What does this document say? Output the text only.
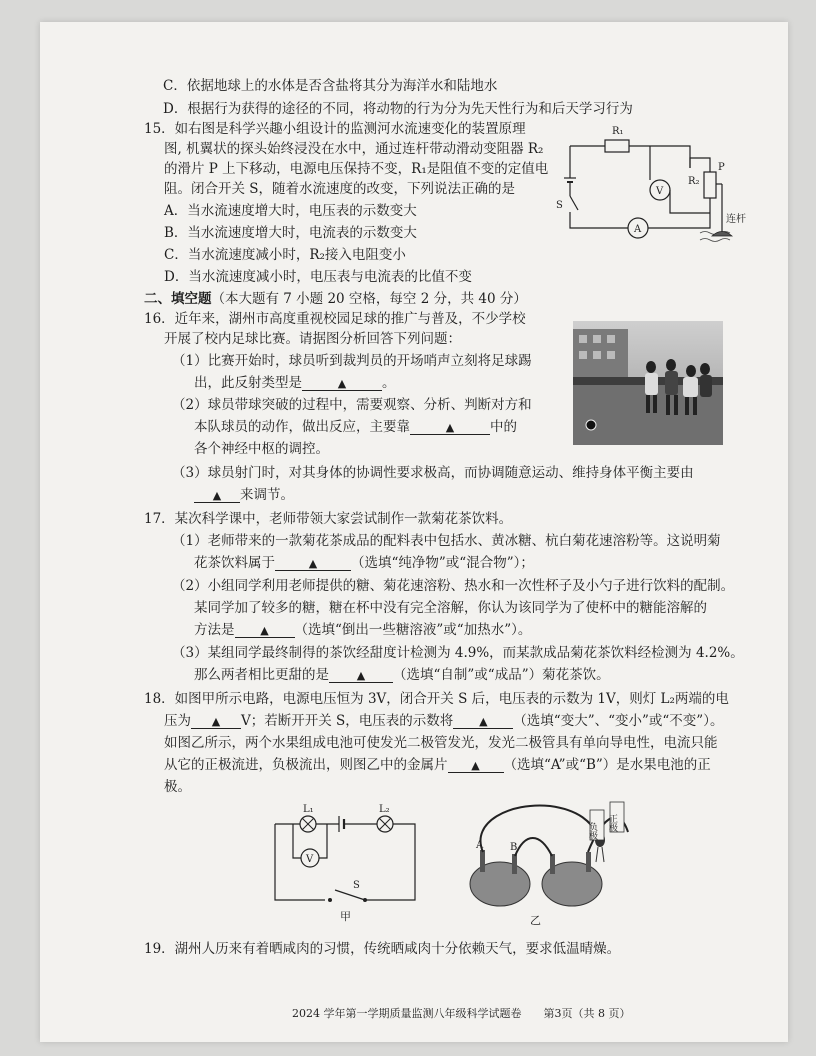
C．依据地球上的水体是否含盐将其分为海洋水和陆地水
D．根据行为获得的途径的不同，将动物的行为分为先天性行为和后天学习行为
15．如右图是科学兴趣小组设计的监测河水流速变化的装置原理
图, 机翼状的探头始终浸没在水中，通过连杆带动滑动变阻器 R₂
的滑片 P 上下移动，电源电压保持不变，R₁是阻值不变的定值电
阻。闭合开关 S，随着水流速度的改变，下列说法正确的是
A．当水流速度增大时，电压表的示数变大
B．当水流速度增大时，电流表的示数变大
C．当水流速度减小时，R₂接入电阻变小
D．当水流速度减小时，电压表与电流表的比值不变
R₁
R₂
P
S
V
A
连杆
二、填空题（本大题有 7 小题 20 空格，每空 2 分，共 40 分）
16．近年来，湖州市高度重视校园足球的推广与普及，不少学校
开展了校内足球比赛。请据图分析回答下列问题：
（1）比赛开始时，球员听到裁判员的开场哨声立刻将足球踢
出，此反射类型是	▲	。
（2）球员带球突破的过程中，需要观察、分析、判断对方和
本队球员的动作，做出反应，主要靠	▲	中的
各个神经中枢的调控。
（3）球员射门时，对其身体的协调性要求极高，而协调随意运动、维持身体平衡主要由
▲ 来调节。
17．某次科学课中，老师带领大家尝试制作一款菊花茶饮料。
（1）老师带来的一款菊花茶成品的配料表中包括水、黄冰糖、杭白菊花速溶粉等。这说明菊
花茶饮料属于	▲	（选填“纯净物”或“混合物”）；
（2）小组同学利用老师提供的糖、菊花速溶粉、热水和一次性杯子及小勺子进行饮料的配制。
某同学加了较多的糖，糖在杯中没有完全溶解，你认为该同学为了使杯中的糖能溶解的
方法是 ▲ （选填“倒出一些糖溶液”或“加热水”）。
（3）某组同学最终制得的茶饮经甜度计检测为 4.9%，而某款成品菊花茶饮料经检测为 4.2%。
那么两者相比更甜的是	▲ （选填“自制”或“成品”）菊花茶饮。
18．如图甲所示电路，电源电压恒为 3V，闭合开关 S 后，电压表的示数为 1V，则灯 L₂两端的电
压为 ▲ V；若断开开关 S，电压表的示数将 ▲ （选填“变大”、“变小”或“不变”）。
如图乙所示，两个水果组成电池可使发光二极管发光，发光二极管具有单向导电性，电流只能
从它的正极流进，负极流出，则图乙中的金属片 ▲ （选填“A”或“B”）是水果电池的正
极。
L₁	L₂
V
S
甲
A	B
负极 正极
乙
19．湖州人历来有着晒咸肉的习惯，传统晒咸肉十分依赖天气，要求低温晴燥。
2024 学年第一学期质量监测八年级科学试题卷　　第3页（共 8 页）
